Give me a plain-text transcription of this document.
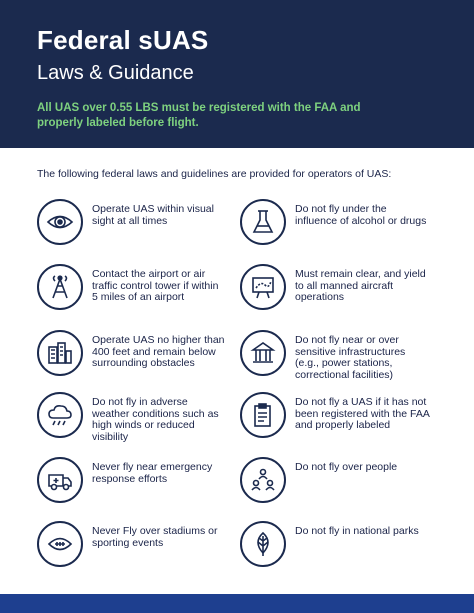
Federal sUAS
Laws & Guidance
All UAS over 0.55 LBS must be registered with the FAA and properly labeled before flight.
The following federal laws and guidelines are provided for operators of UAS:
Operate UAS within visual sight at all times
Do not fly under the influence of alcohol or drugs
Contact the airport or air traffic control tower if within 5 miles of an airport
Must remain clear, and yield to all manned aircraft operations
Operate UAS no higher than 400 feet and remain below surrounding obstacles
Do not fly near or over sensitive infrastructures (e.g., power stations, correctional facilities)
Do not fly in adverse weather conditions such as high winds or reduced visibility
Do not fly a UAS if it has not been registered with the FAA and properly labeled
Never fly near emergency response efforts
Do not fly over people
Never Fly over stadiums or sporting events
Do not fly in national parks
